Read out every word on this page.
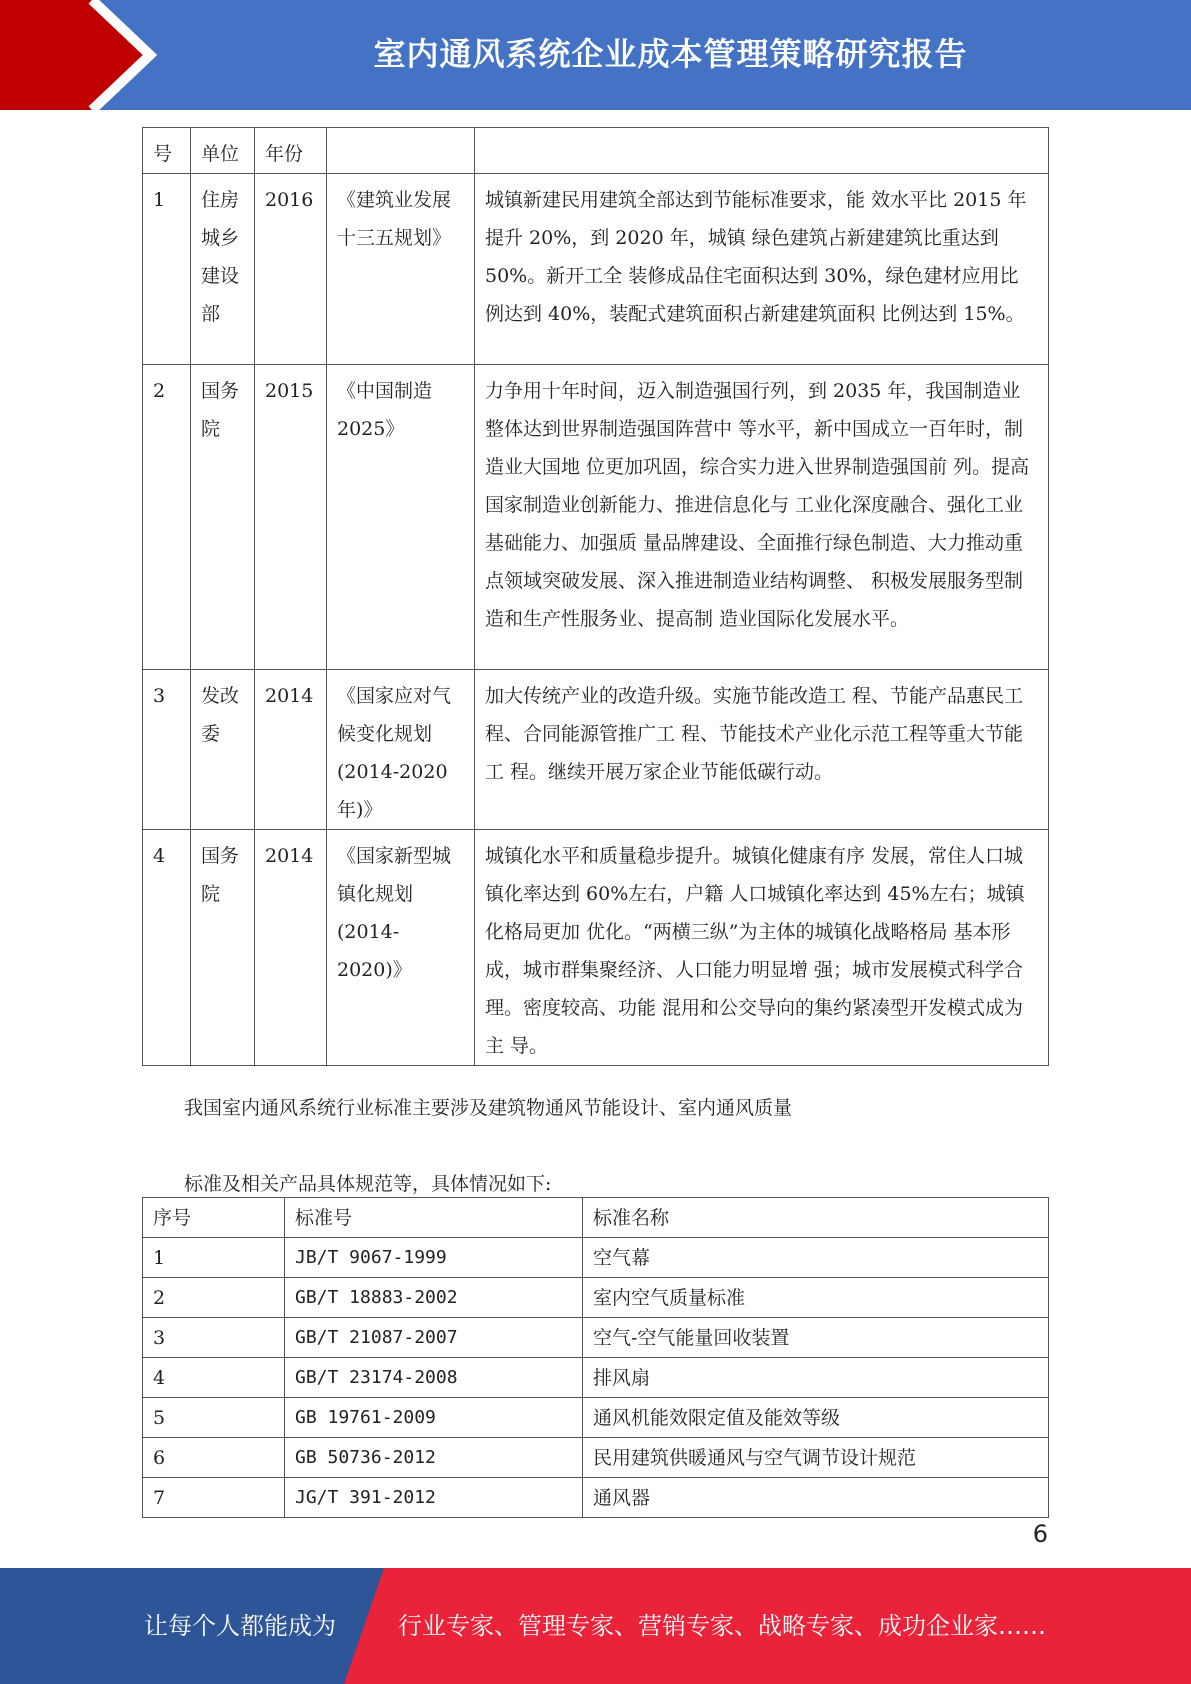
室内通风系统企业成本管理策略研究报告
号	单位	年份		
1	住房城乡建设部	2016	《建筑业发展十三五规划》	城镇新建民用建筑全部达到节能标准要求，能 效水平比 2015 年提升 20%，到 2020 年，城镇 绿色建筑占新建建筑比重达到 50%。新开工全 装修成品住宅面积达到 30%，绿色建材应用比 例达到 40%，装配式建筑面积占新建建筑面积 比例达到 15%。
2	国务院	2015	《中国制造 2025》	力争用十年时间，迈入制造强国行列，到 2035 年，我国制造业整体达到世界制造强国阵营中 等水平，新中国成立一百年时，制造业大国地 位更加巩固，综合实力进入世界制造强国前 列。提高国家制造业创新能力、推进信息化与 工业化深度融合、强化工业基础能力、加强质 量品牌建设、全面推行绿色制造、大力推动重 点领域突破发展、深入推进制造业结构调整、 积极发展服务型制造和生产性服务业、提高制 造业国际化发展水平。
3	发改委	2014	《国家应对气候变化规划 (2014-2020 年)》	加大传统产业的改造升级。实施节能改造工 程、节能产品惠民工程、合同能源管推广工 程、节能技术产业化示范工程等重大节能工 程。继续开展万家企业节能低碳行动。
4	国务院	2014	《国家新型城镇化规划 (2014- 2020)》	城镇化水平和质量稳步提升。城镇化健康有序 发展，常住人口城镇化率达到 60%左右，户籍 人口城镇化率达到 45%左右；城镇化格局更加 优化。“两横三纵”为主体的城镇化战略格局 基本形成，城市群集聚经济、人口能力明显增 强；城市发展模式科学合理。密度较高、功能 混用和公交导向的集约紧凑型开发模式成为主 导。
我国室内通风系统行业标准主要涉及建筑物通风节能设计、室内通风质量
标准及相关产品具体规范等，具体情况如下:
序号	标准号	标准名称
1	JB/T 9067-1999	空气幕
2	GB/T 18883-2002	室内空气质量标准
3	GB/T 21087-2007	空气-空气能量回收装置
4	GB/T 23174-2008	排风扇
5	GB 19761-2009	通风机能效限定值及能效等级
6	GB 50736-2012	民用建筑供暖通风与空气调节设计规范
7	JG/T 391-2012	通风器
6
让每个人都能成为	行业专家、管理专家、营销专家、战略专家、成功企业家……
